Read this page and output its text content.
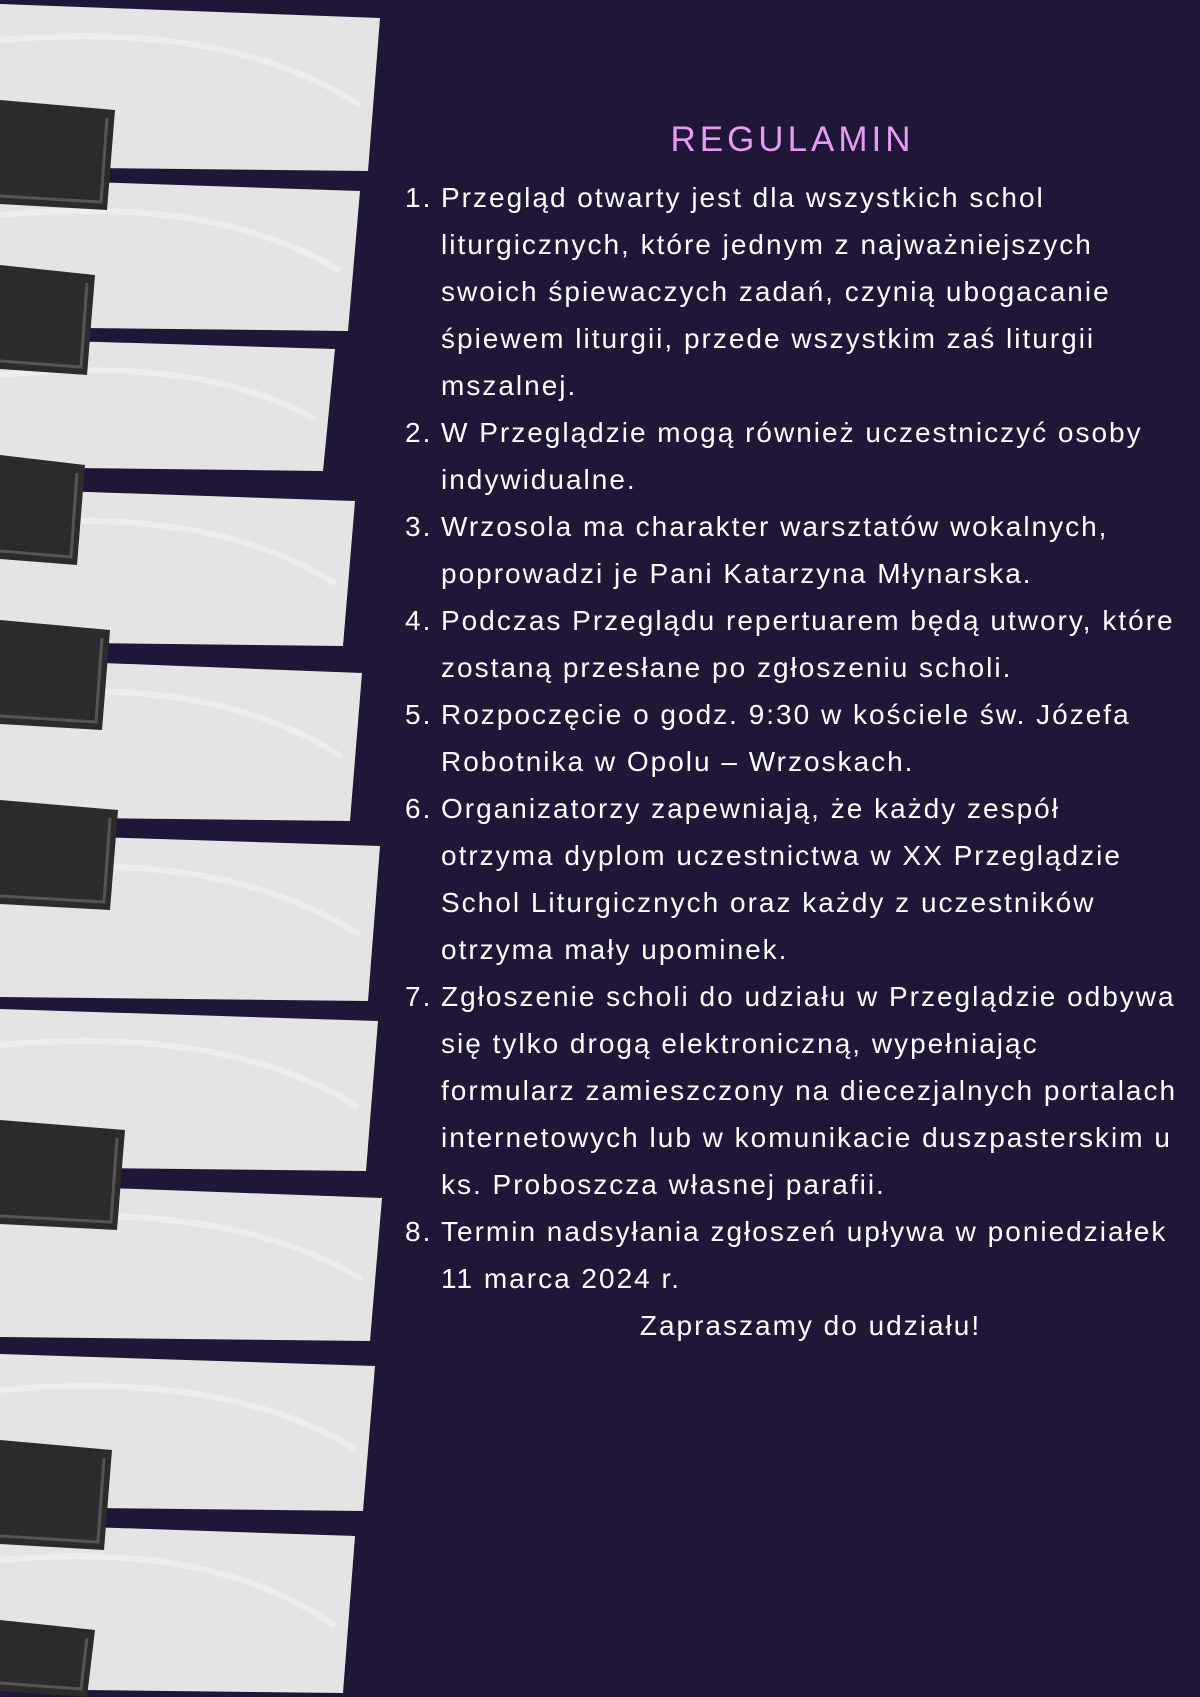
REGULAMIN
1. Przegląd otwarty jest dla wszystkich schol liturgicznych, które jednym z najważniejszych swoich śpiewaczych zadań, czynią ubogacanie śpiewem liturgii, przede wszystkim zaś liturgii mszalnej.
2. W Przeglądzie mogą również uczestniczyć osoby indywidualne.
3. Wrzosola ma charakter warsztatów wokalnych, poprowadzi je Pani Katarzyna Młynarska.
4. Podczas Przeglądu repertuarem będą utwory, które zostaną przesłane po zgłoszeniu scholi.
5. Rozpoczęcie o godz. 9:30 w kościele św. Józefa Robotnika w Opolu – Wrzoskach.
6. Organizatorzy zapewniają, że każdy zespół otrzyma dyplom uczestnictwa w XX Przeglądzie Schol Liturgicznych oraz każdy z uczestników otrzyma mały upominek.
7. Zgłoszenie scholi do udziału w Przeglądzie odbywa się tylko drogą elektroniczną, wypełniając formularz zamieszczony na diecezjalnych portalach internetowych lub w komunikacie duszpasterskim u ks. Proboszcza własnej parafii.
8. Termin nadsyłania zgłoszeń upływa w poniedziałek 11 marca 2024 r.
Zapraszamy do udziału!
